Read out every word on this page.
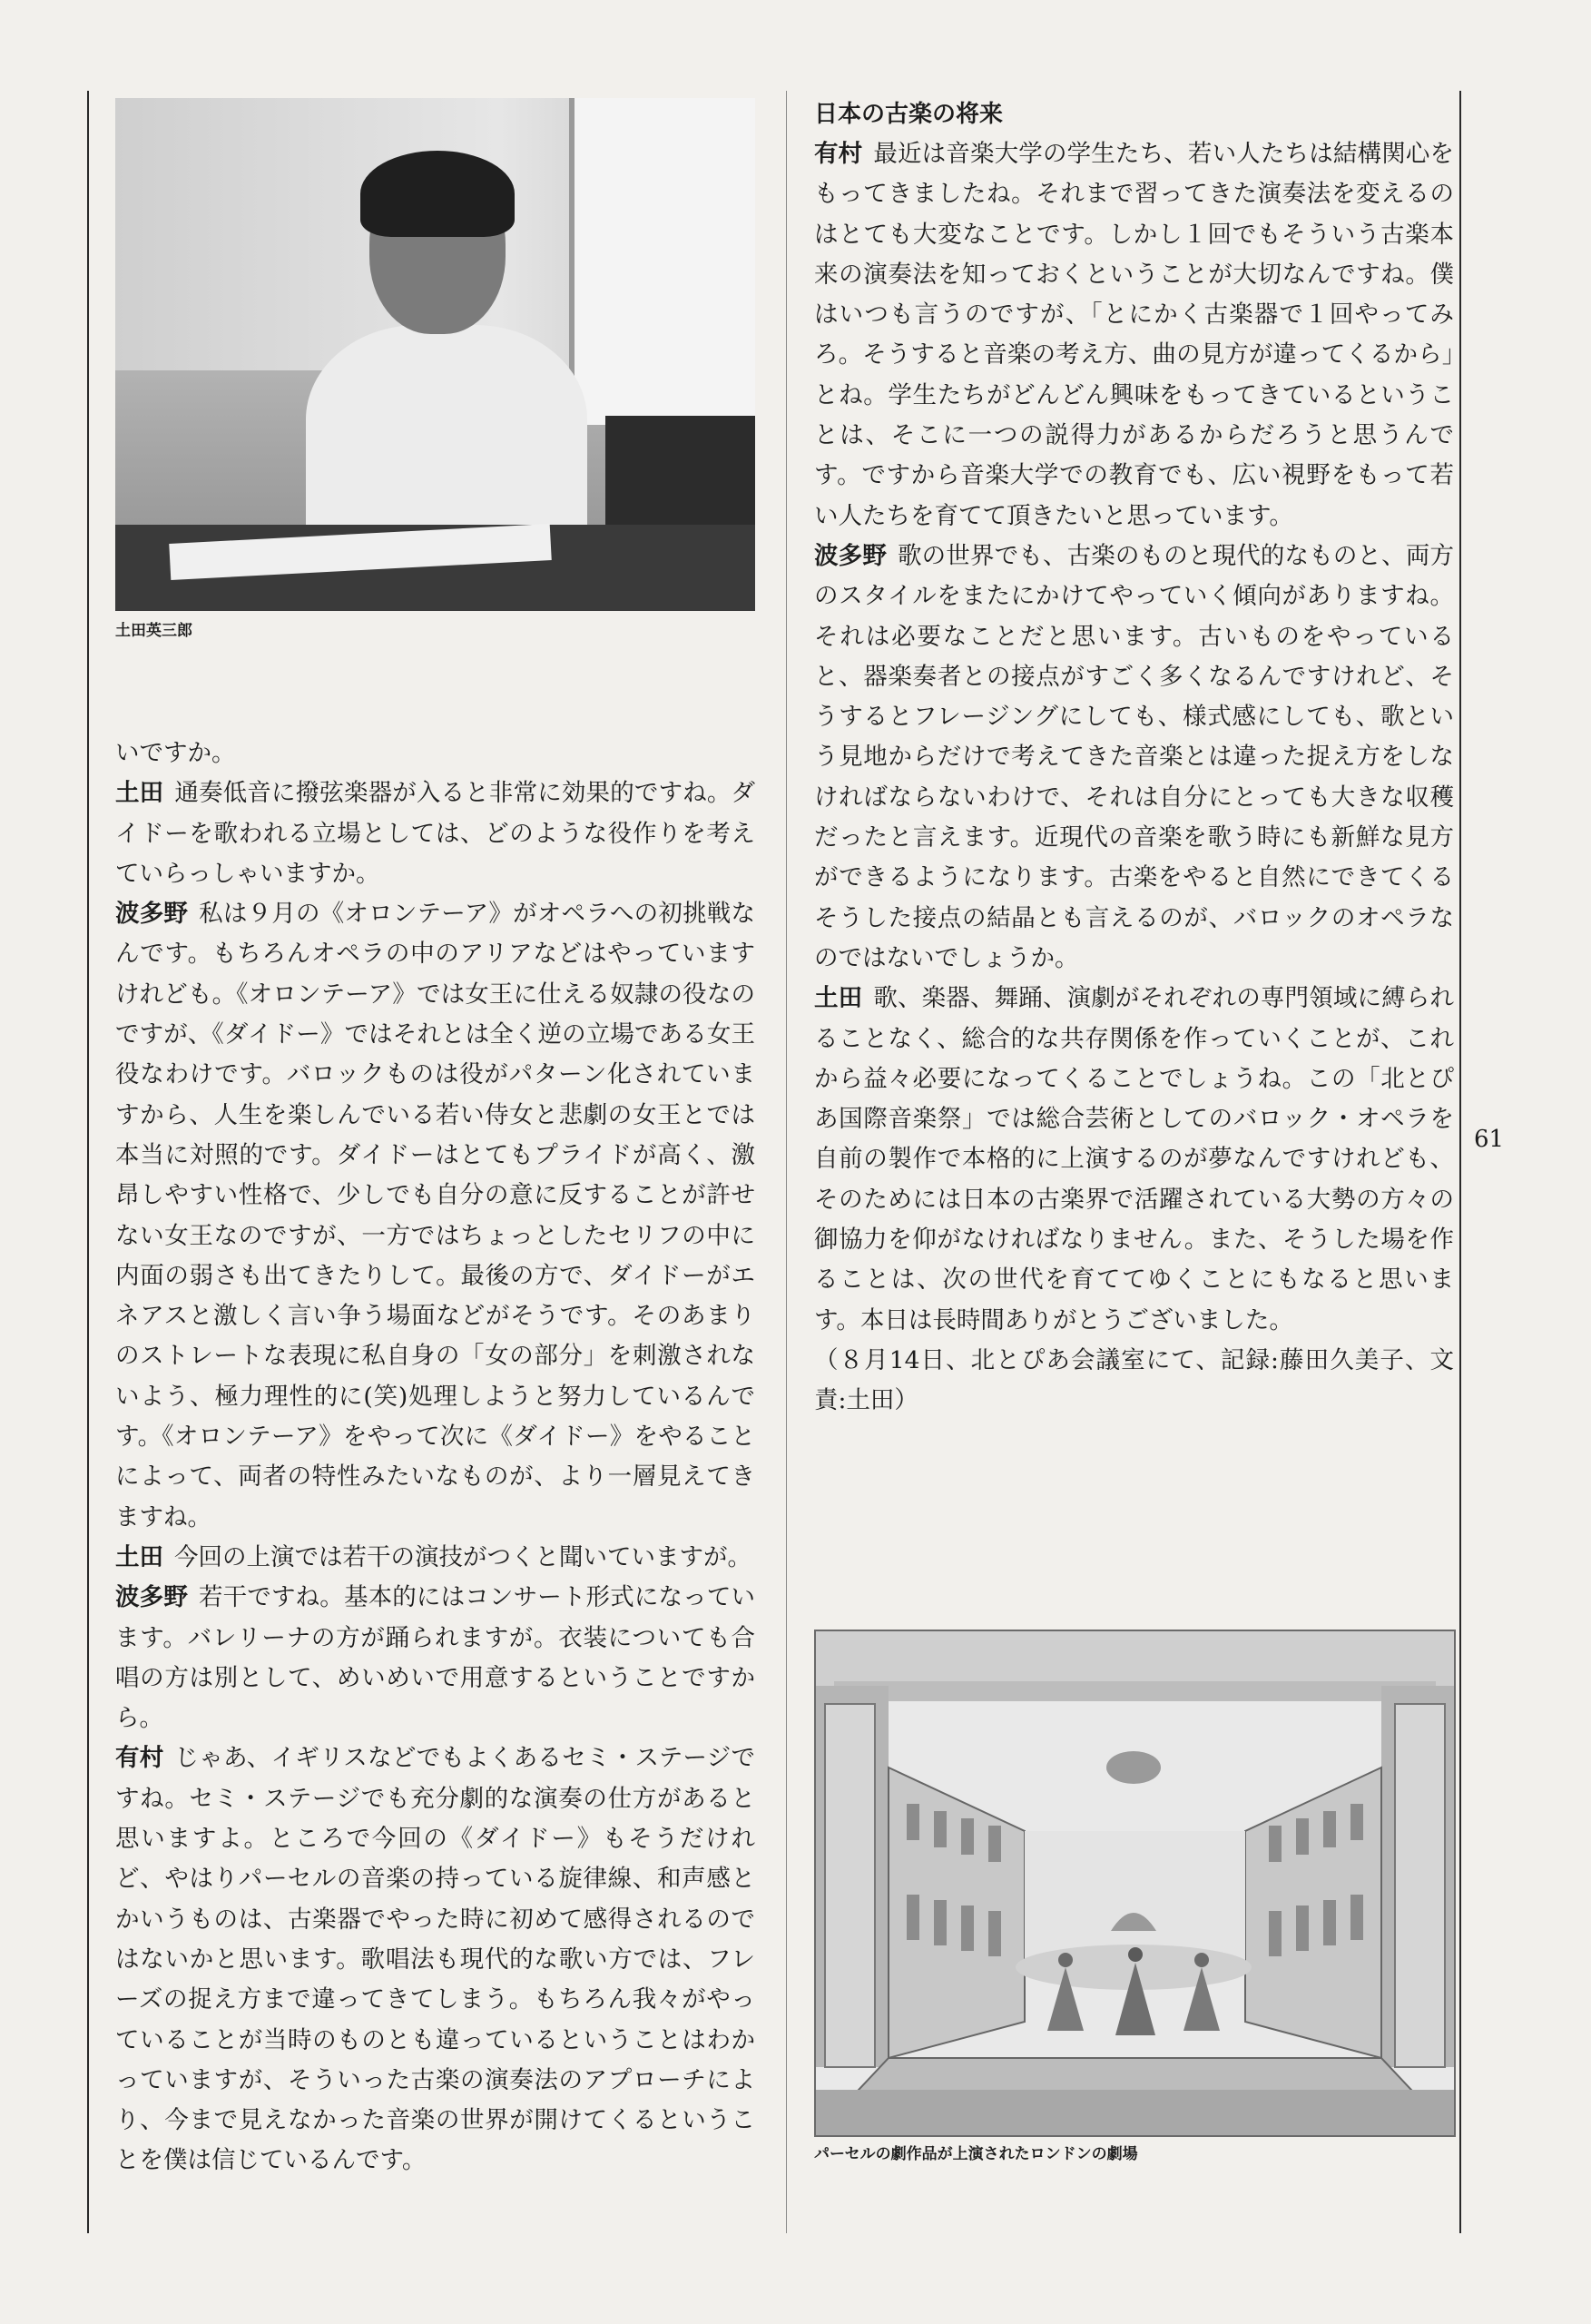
土田英三郎

いですか。

土田 通奏低音に撥弦楽器が入ると非常に効果的ですね。ダイドーを歌われる立場としては、どのような役作りを考えていらっしゃいますか。

波多野 私は９月の《オロンテーア》がオペラへの初挑戦なんです。もちろんオペラの中のアリアなどはやっていますけれども。《オロンテーア》では女王に仕える奴隷の役なのですが、《ダイドー》ではそれとは全く逆の立場である女王役なわけです。バロックものは役がパターン化されていますから、人生を楽しんでいる若い侍女と悲劇の女王とでは本当に対照的です。ダイドーはとてもプライドが高く、激昂しやすい性格で、少しでも自分の意に反することが許せない女王なのですが、一方ではちょっとしたセリフの中に内面の弱さも出てきたりして。最後の方で、ダイドーがエネアスと激しく言い争う場面などがそうです。そのあまりのストレートな表現に私自身の「女の部分」を刺激されないよう、極力理性的に(笑)処理しようと努力しているんです。《オロンテーア》をやって次に《ダイドー》をやることによって、両者の特性みたいなものが、より一層見えてきますね。

土田 今回の上演では若干の演技がつくと聞いていますが。

波多野 若干ですね。基本的にはコンサート形式になっています。バレリーナの方が踊られますが。衣装についても合唱の方は別として、めいめいで用意するということですから。

有村 じゃあ、イギリスなどでもよくあるセミ・ステージですね。セミ・ステージでも充分劇的な演奏の仕方があると思いますよ。ところで今回の《ダイドー》もそうだけれど、やはりパーセルの音楽の持っている旋律線、和声感とかいうものは、古楽器でやった時に初めて感得されるのではないかと思います。歌唱法も現代的な歌い方では、フレーズの捉え方まで違ってきてしまう。もちろん我々がやっていることが当時のものとも違っているということはわかっていますが、そういった古楽の演奏法のアプローチにより、今まで見えなかった音楽の世界が開けてくるということを僕は信じているんです。

日本の古楽の将来

有村 最近は音楽大学の学生たち、若い人たちは結構関心をもってきましたね。それまで習ってきた演奏法を変えるのはとても大変なことです。しかし１回でもそういう古楽本来の演奏法を知っておくということが大切なんですね。僕はいつも言うのですが、「とにかく古楽器で１回やってみろ。そうすると音楽の考え方、曲の見方が違ってくるから」とね。学生たちがどんどん興味をもってきているということは、そこに一つの説得力があるからだろうと思うんです。ですから音楽大学での教育でも、広い視野をもって若い人たちを育てて頂きたいと思っています。

波多野 歌の世界でも、古楽のものと現代的なものと、両方のスタイルをまたにかけてやっていく傾向がありますね。それは必要なことだと思います。古いものをやっていると、器楽奏者との接点がすごく多くなるんですけれど、そうするとフレージングにしても、様式感にしても、歌という見地からだけで考えてきた音楽とは違った捉え方をしなければならないわけで、それは自分にとっても大きな収穫だったと言えます。近現代の音楽を歌う時にも新鮮な見方ができるようになります。古楽をやると自然にできてくるそうした接点の結晶とも言えるのが、バロックのオペラなのではないでしょうか。

土田 歌、楽器、舞踊、演劇がそれぞれの専門領域に縛られることなく、総合的な共存関係を作っていくことが、これから益々必要になってくることでしょうね。この「北とぴあ国際音楽祭」では総合芸術としてのバロック・オペラを自前の製作で本格的に上演するのが夢なんですけれども、そのためには日本の古楽界で活躍されている大勢の方々の御協力を仰がなければなりません。また、そうした場を作ることは、次の世代を育ててゆくことにもなると思います。本日は長時間ありがとうございました。

（８月14日、北とぴあ会議室にて、記録:藤田久美子、文責:土田）

61
パーセルの劇作品が上演されたロンドンの劇場
